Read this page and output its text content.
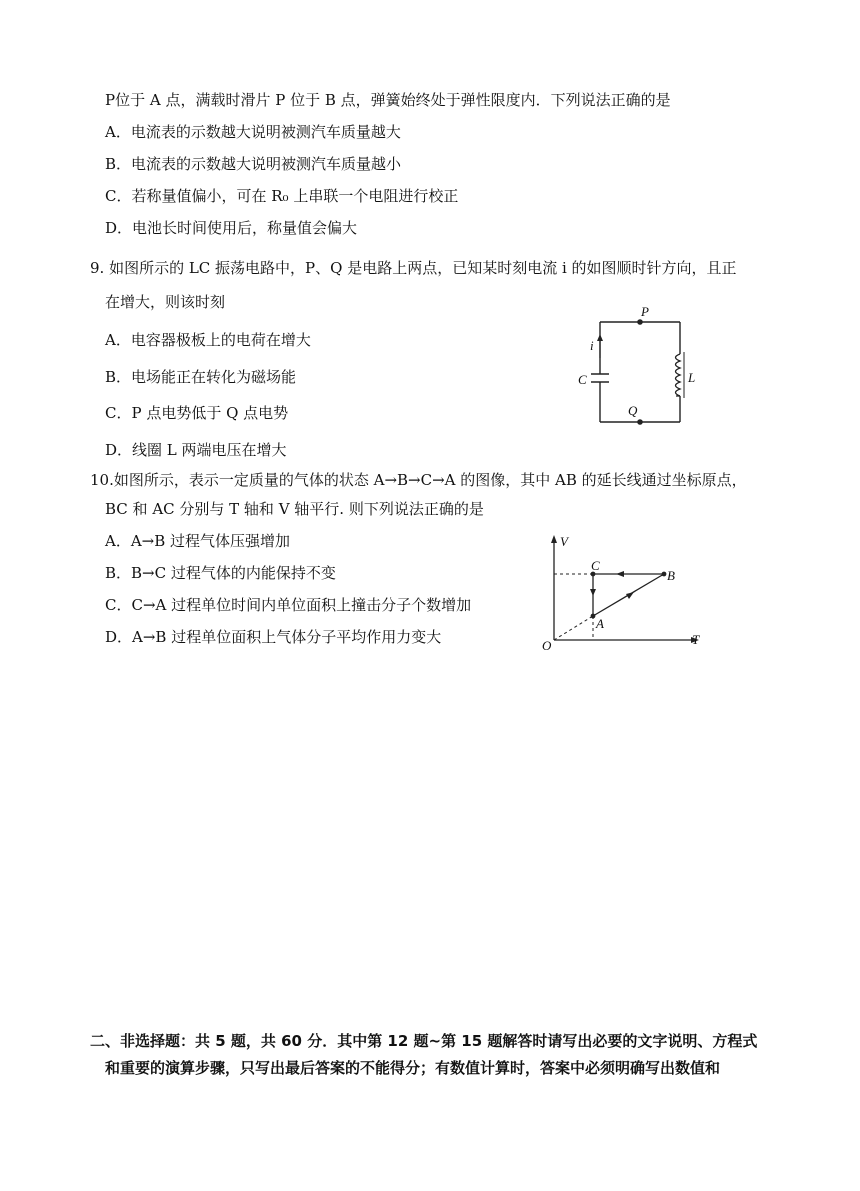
P位于 A 点，满载时滑片 P 位于 B 点，弹簧始终处于弹性限度内．下列说法正确的是
A．电流表的示数越大说明被测汽车质量越大
B．电流表的示数越大说明被测汽车质量越小
C．若称量值偏小，可在 R₀ 上串联一个电阻进行校正
D．电池长时间使用后，称量值会偏大
9. 如图所示的 LC 振荡电路中，P、Q 是电路上两点，已知某时刻电流 i 的如图顺时针方向，且正
在增大，则该时刻
A．电容器极板上的电荷在增大
B．电场能正在转化为磁场能
C．P 点电势低于 Q 点电势
D．线圈 L 两端电压在增大
P
Q
i
C	L
10.如图所示，表示一定质量的气体的状态 A→B→C→A 的图像，其中 AB 的延长线通过坐标原点，
BC 和 AC 分别与 T 轴和 V 轴平行. 则下列说法正确的是
A．A→B 过程气体压强增加
B．B→C 过程气体的内能保持不变
C．C→A 过程单位时间内单位面积上撞击分子个数增加
D．A→B 过程单位面积上气体分子平均作用力变大
V
T
O
A
B
C
二、非选择题：共 5 题，共 60 分．其中第 12 题~第 15 题解答时请写出必要的文字说明、方程式
和重要的演算步骤，只写出最后答案的不能得分；有数值计算时，答案中必须明确写出数值和
